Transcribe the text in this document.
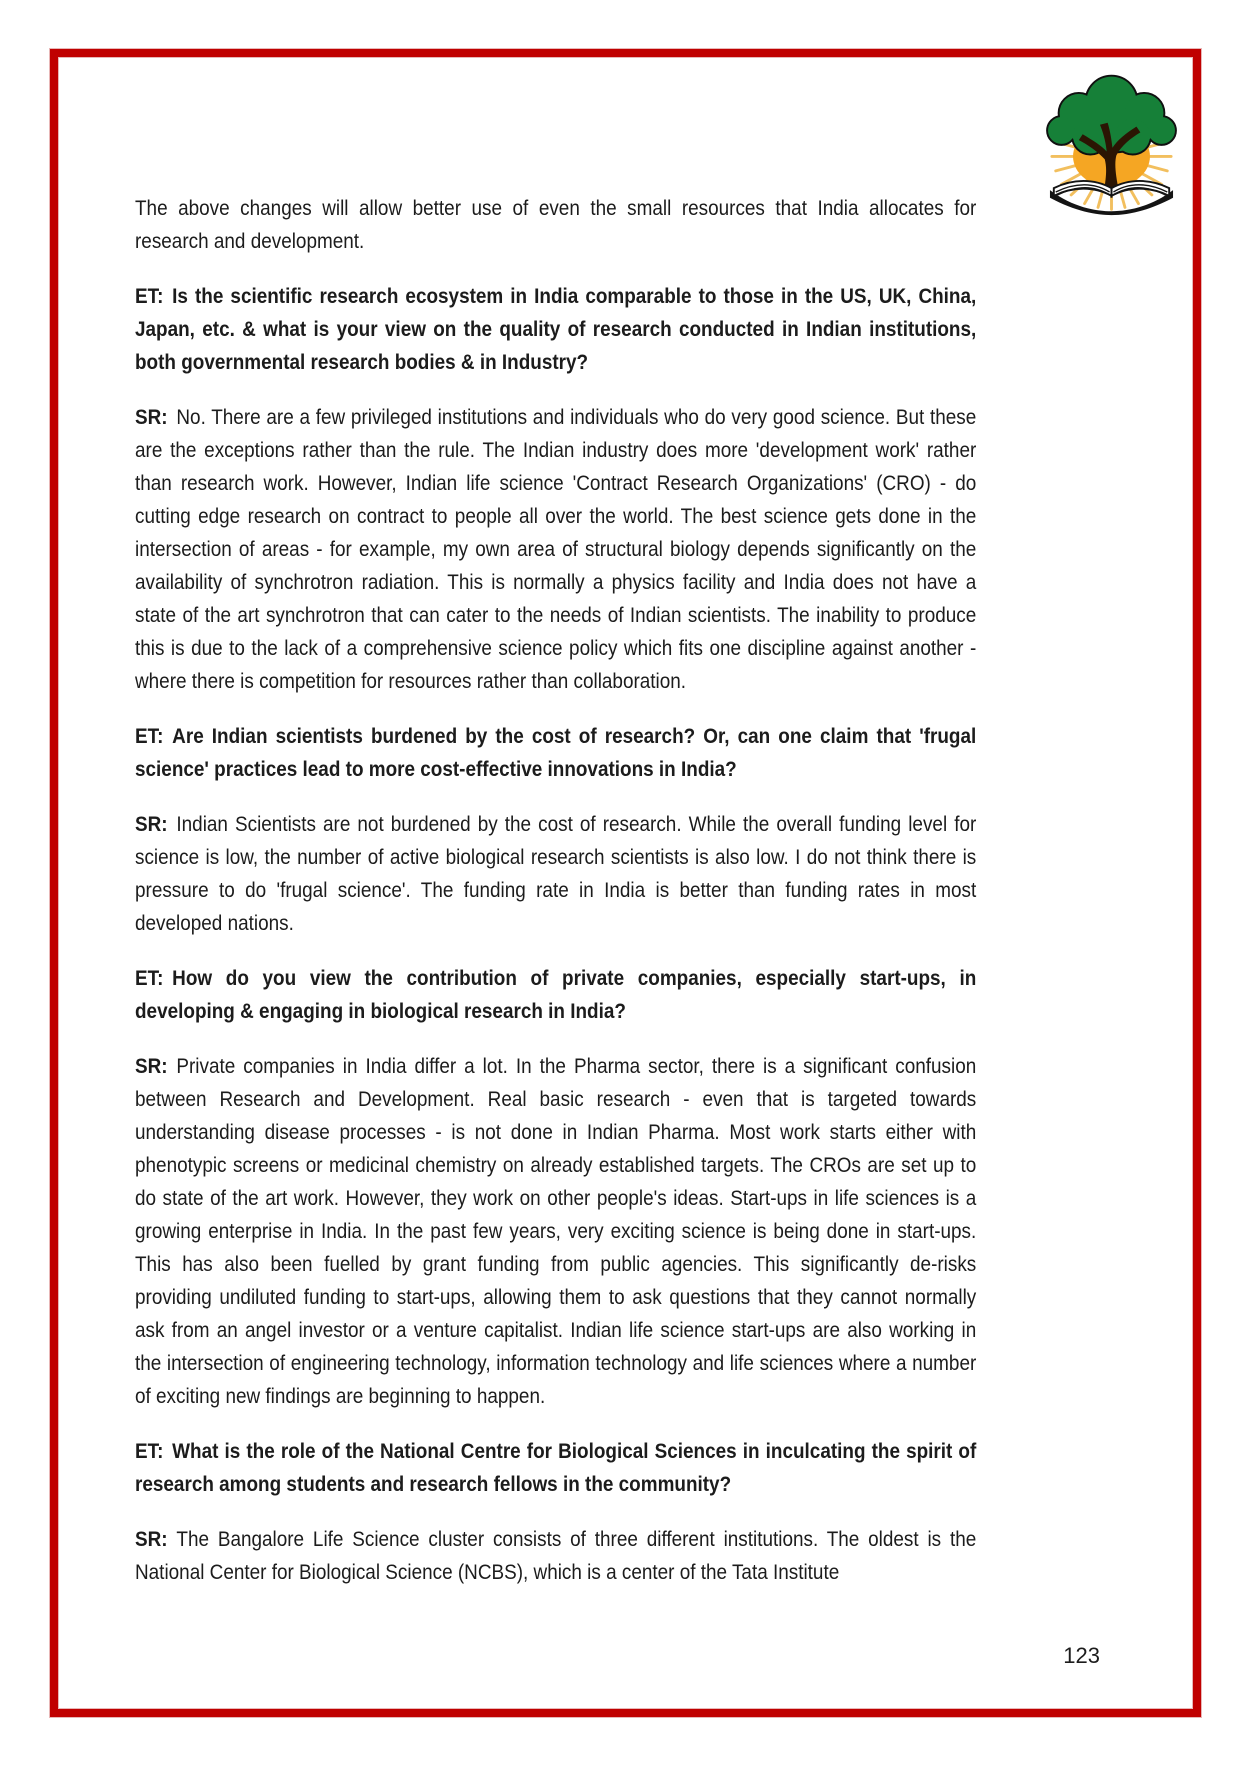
The above changes will allow better use of even the small resources that India allocates for research and development.

ET: Is the scientific research ecosystem in India comparable to those in the US, UK, China, Japan, etc. & what is your view on the quality of research conducted in Indian institutions, both governmental research bodies & in Industry?

SR: No. There are a few privileged institutions and individuals who do very good science. But these are the exceptions rather than the rule. The Indian industry does more 'development work' rather than research work. However, Indian life science 'Contract Research Organizations' (CRO) - do cutting edge research on contract to people all over the world. The best science gets done in the intersection of areas - for example, my own area of structural biology depends significantly on the availability of synchrotron radiation. This is normally a physics facility and India does not have a state of the art synchrotron that can cater to the needs of Indian scientists. The inability to produce this is due to the lack of a comprehensive science policy which fits one discipline against another - where there is competition for resources rather than collaboration.

ET: Are Indian scientists burdened by the cost of research? Or, can one claim that 'frugal science' practices lead to more cost-effective innovations in India?

SR: Indian Scientists are not burdened by the cost of research. While the overall funding level for science is low, the number of active biological research scientists is also low. I do not think there is pressure to do 'frugal science'. The funding rate in India is better than funding rates in most developed nations.

ET: How do you view the contribution of private companies, especially start-ups, in developing & engaging in biological research in India?

SR: Private companies in India differ a lot. In the Pharma sector, there is a significant confusion between Research and Development. Real basic research - even that is targeted towards understanding disease processes - is not done in Indian Pharma. Most work starts either with phenotypic screens or medicinal chemistry on already established targets. The CROs are set up to do state of the art work. However, they work on other people's ideas. Start-ups in life sciences is a growing enterprise in India. In the past few years, very exciting science is being done in start-ups. This has also been fuelled by grant funding from public agencies. This significantly de-risks providing undiluted funding to start-ups, allowing them to ask questions that they cannot normally ask from an angel investor or a venture capitalist. Indian life science start-ups are also working in the intersection of engineering technology, information technology and life sciences where a number of exciting new findings are beginning to happen.

ET: What is the role of the National Centre for Biological Sciences in inculcating the spirit of research among students and research fellows in the community?

SR: The Bangalore Life Science cluster consists of three different institutions. The oldest is the National Center for Biological Science (NCBS), which is a center of the Tata Institute

123
